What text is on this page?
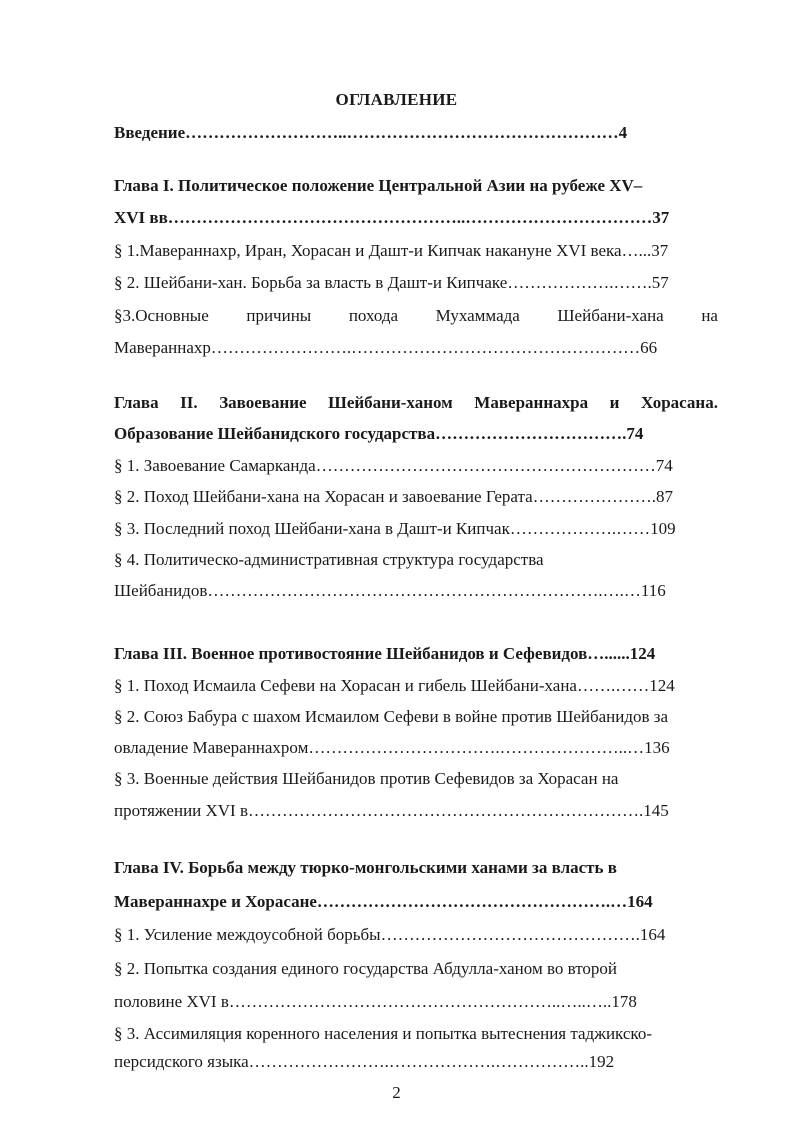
ОГЛАВЛЕНИЕ
Введение………………………..…………………………………………4
Глава I. Политическое положение Центральной Азии на рубеже XV–
XVI вв……………………………………………..……………………………37
§ 1.Мавераннахр, Иран, Хорасан и Дашт-и Кипчак накануне XVI века…...37
§ 2. Шейбани-хан. Борьба за власть в Дашт-и Кипчаке……………….…….57
§3.Основные причины похода Мухаммада Шейбани-хана на
Мавераннахр…………………….……………………………………………66
Глава II. Завоевание Шейбани-ханом Мавераннахра и Хорасана.
Образование Шейбанидского государства…………………………….74
§ 1. Завоевание Самарканда……………………………………………………74
§ 2. Поход Шейбани-хана на Хорасан и завоевание Герата………………….87
§ 3. Последний поход Шейбани-хана в Дашт-и Кипчак……………….……109
§ 4. Политическо-административная структура государства
Шейбанидов…………………………………………………………….….…116
Глава III. Военное противостояние Шейбанидов и Сефевидов…......124
§ 1. Поход Исмаила Сефеви на Хорасан и гибель Шейбани-хана…….……124
§ 2. Союз Бабура с шахом Исмаилом Сефеви в войне против Шейбанидов за
овладение Мавераннахром…………………………….…………………..…136
§ 3. Военные действия Шейбанидов против Сефевидов за Хорасан на
протяжении XVI в…………………………………………………………….145
Глава IV. Борьба между тюрко-монгольскими ханами за власть в
Мавераннахре и Хорасане…………………………………………….…164
§ 1. Усиление междоусобной борьбы……………………………………….164
§ 2. Попытка создания единого государства Абдулла-ханом во второй
половине XVI в…………………………………………………..…..…..178
§ 3. Ассимиляция коренного населения и попытка вытеснения таджикско-
персидского языка…………………….……………….……………..192
2
